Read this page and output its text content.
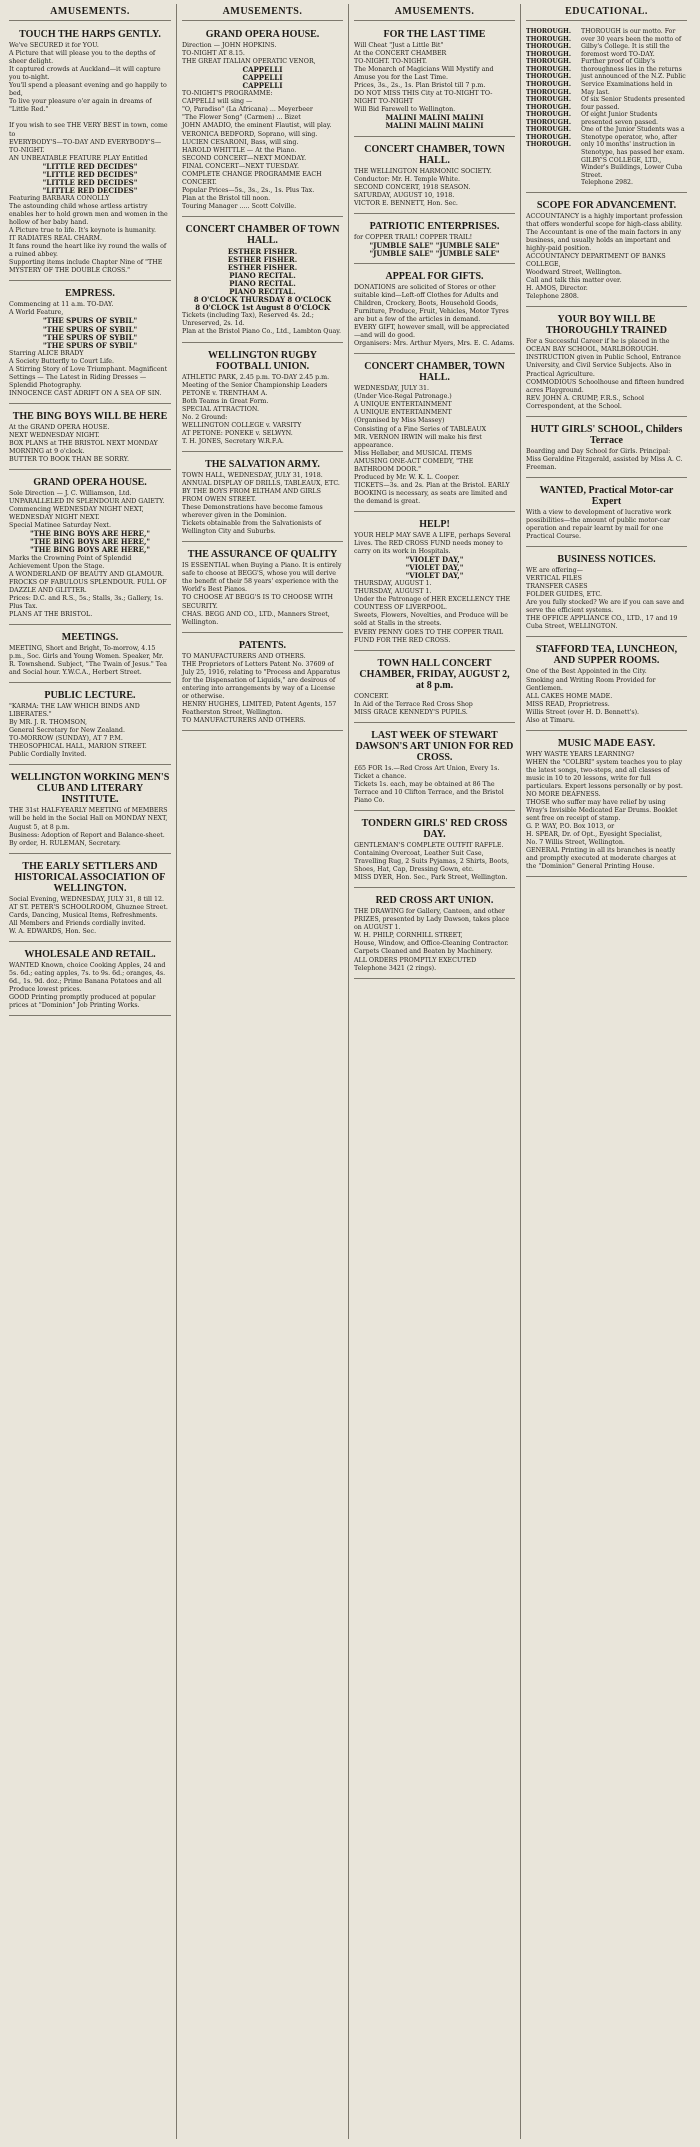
AMUSEMENTS.
TOUCH THE HARPS GENTLY.
We've SECURED it for YOU.
A Picture that will please you to the depths of sheer delight.
It captured crowds at Auckland—it will capture you to-night.
You'll spend a pleasant evening and go happily to bed,
To live your pleasure o'er again in dreams of "Little Red."

If you wish to see THE VERY BEST in town, come to
EVERYBODY'S—TO-DAY AND EVERYBODY'S—TO-NIGHT.
AN UNBEATABLE FEATURE PLAY Entitled
"LITTLE RED DECIDES"
"LITTLE RED DECIDES"
"LITTLE RED DECIDES"
"LITTLE RED DECIDES"
Featuring BARBARA CONOLLY
The astounding child whose artless artistry enables her to hold grown men and women in the hollow of her baby hand.
A Picture true to life. It's keynote is humanity.
IT RADIATES REAL CHARM.
It fans round the heart like ivy round the walls of a ruined abbey.
Supporting items include Chapter Nine of "THE MYSTERY OF THE DOUBLE CROSS."
EMPRESS.
Commencing at 11 a.m. TO-DAY.
A World Feature,
"THE SPURS OF SYBIL"
"THE SPURS OF SYBIL"
"THE SPURS OF SYBIL"
"THE SPURS OF SYBIL"
Starring ALICE BRADY
A Society Butterfly to Court Life.
A Stirring Story of Love Triumphant. Magnificent Settings — The Latest in Riding Dresses — Splendid Photography.
INNOCENCE CAST ADRIFT ON A SEA OF SIN.
THE BING BOYS WILL BE HERE
At the GRAND OPERA HOUSE.
NEXT WEDNESDAY NIGHT.
BOX PLANS at THE BRISTOL NEXT MONDAY MORNING at 9 o'clock.
BUTTER TO BOOK THAN BE SORRY.
GRAND OPERA HOUSE.
Sole Direction — J. C. Williamson, Ltd.
UNPARALLELED IN SPLENDOUR AND GAIETY.
Commencing WEDNESDAY NIGHT NEXT, WEDNESDAY NIGHT NEXT.
Special Matinee Saturday Next.
"THE BING BOYS ARE HERE,"
"THE BING BOYS ARE HERE,"
"THE BING BOYS ARE HERE,"
Marks the Crowning Point of Splendid Achievement Upon the Stage.
A WONDERLAND OF BEAUTY AND GLAMOUR.
FROCKS OF FABULOUS SPLENDOUR. FULL OF DAZZLE AND GLITTER.
Prices: D.C. and R.S., 5s.; Stalls, 3s.; Gallery, 1s. Plus Tax.
PLANS AT THE BRISTOL.
MEETINGS.
MEETING, Short and Bright, To-morrow, 4.15 p.m., Soc. Girls and Young Women. Speaker, Mr. R. Townshend. Subject, "The Twain of Jesus." Tea and Social hour. Y.W.C.A., Herbert Street.
PUBLIC LECTURE.
"KARMA: THE LAW WHICH BINDS AND LIBERATES."
By MR. J. R. THOMSON,
General Secretary for New Zealand.
TO-MORROW (SUNDAY), AT 7 P.M.
THEOSOPHICAL HALL, MARION STREET.
Public Cordially Invited.
WELLINGTON WORKING MEN'S CLUB AND LITERARY INSTITUTE.
THE 31st HALF-YEARLY MEETING of MEMBERS will be held in the Social Hall on MONDAY NEXT, August 5, at 8 p.m.
Business: Adoption of Report and Balance-sheet.
By order, H. RULEMAN, Secretary.
THE EARLY SETTLERS AND HISTORICAL ASSOCIATION OF WELLINGTON.
Social Evening, WEDNESDAY, JULY 31, 8 till 12.
AT ST. PETER'S SCHOOLROOM, Ghuznee Street.
Cards, Dancing, Musical Items, Refreshments.
All Members and Friends cordially invited.
W. A. EDWARDS, Hon. Sec.
WHOLESALE AND RETAIL.
WANTED Known, choice Cooking Apples, 24 and 5s. 6d.; eating apples, 7s. to 9s. 6d.; oranges, 4s. 6d., 1s. 9d. doz.; Prime Banana Potatoes and all Produce lowest prices.
GOOD Printing promptly produced at popular prices at "Dominion" Job Printing Works.
AMUSEMENTS.
GRAND OPERA HOUSE.
Direction — JOHN HOPKINS.
TO-NIGHT AT 8.15.
THE GREAT ITALIAN OPERATIC VENOR,
CAPPELLI
CAPPELLI
CAPPELLI
TO-NIGHT'S PROGRAMME:
CAPPELLI will sing —
"O, Paradiso" (La Africana) ... Meyerbeer
"The Flower Song" (Carmen) ... Bizet
JOHN AMADIO, the eminent Flautist, will play.
VERONICA BEDFORD, Soprano, will sing.
LUCIEN CESARONI, Bass, will sing.
HAROLD WHITTLE — At the Piano.
SECOND CONCERT—NEXT MONDAY.
FINAL CONCERT—NEXT TUESDAY.
COMPLETE CHANGE PROGRAMME EACH CONCERT.
Popular Prices—5s., 3s., 2s., 1s. Plus Tax.
Plan at the Bristol till noon.
Touring Manager ..... Scott Colville.
CONCERT CHAMBER OF TOWN HALL.
ESTHER FISHER.
ESTHER FISHER.
ESTHER FISHER.
PIANO RECITAL.
PIANO RECITAL.
PIANO RECITAL.
8 O'CLOCK THURSDAY 8 O'CLOCK
8 O'CLOCK 1st August 8 O'CLOCK
Tickets (including Tax), Reserved 4s. 2d.; Unreserved, 2s. 1d.
Plan at the Bristol Piano Co., Ltd., Lambton Quay.
WELLINGTON RUGBY FOOTBALL UNION.
ATHLETIC PARK, 2.45 p.m. TO-DAY 2.45 p.m.
Meeting of the Senior Championship Leaders
PETONE v. TRENTHAM A.
Both Teams in Great Form.
SPECIAL ATTRACTION.
No. 2 Ground:
WELLINGTON COLLEGE v. VARSITY
AT PETONE: PONEKE v. SELWYN.
T. H. JONES, Secretary W.R.F.A.
THE SALVATION ARMY.
TOWN HALL, WEDNESDAY, JULY 31, 1918.
ANNUAL DISPLAY OF DRILLS, TABLEAUX, ETC.
BY THE BOYS FROM ELTHAM AND GIRLS FROM OWEN STREET.
These Demonstrations have become famous wherever given in the Dominion.
Tickets obtainable from the Salvationists of Wellington City and Suburbs.
THE ASSURANCE OF QUALITY
IS ESSENTIAL when Buying a Piano. It is entirely safe to choose at BEGG'S, whose you will derive the benefit of their 58 years' experience with the World's Best Pianos.
TO CHOOSE AT BEGG'S IS TO CHOOSE WITH SECURITY.
CHAS. BEGG AND CO., LTD., Manners Street, Wellington.
PATENTS.
TO MANUFACTURERS AND OTHERS.
THE Proprietors of Letters Patent No. 37609 of July 25, 1916, relating to "Process and Apparatus for the Dispensation of Liquids," are desirous of entering into arrangements by way of a License or otherwise.
HENRY HUGHES, LIMITED, Patent Agents, 157 Featherston Street, Wellington.
TO MANUFACTURERS AND OTHERS.
AMUSEMENTS.
FOR THE LAST TIME
Will Cheat "Just a Little Bit"
At the CONCERT CHAMBER
TO-NIGHT. TO-NIGHT.
The Monarch of Magicians Will Mystify and Amuse you for the Last Time.
Prices, 3s., 2s., 1s. Plan Bristol till 7 p.m.
DO NOT MISS THIS City at TO-NIGHT TO-NIGHT TO-NIGHT
Will Bid Farewell to Wellington.
MALINI MALINI MALINI
MALINI MALINI MALINI
CONCERT CHAMBER, TOWN HALL.
THE WELLINGTON HARMONIC SOCIETY.
Conductor: Mr. H. Temple White.
SECOND CONCERT, 1918 SEASON.
SATURDAY, AUGUST 10, 1918.
VICTOR E. BENNETT, Hon. Sec.
PATRIOTIC ENTERPRISES.
for COPPER TRAIL! COPPER TRAIL!
"JUMBLE SALE" "JUMBLE SALE"
"JUMBLE SALE" "JUMBLE SALE"
APPEAL FOR GIFTS.
DONATIONS are solicited of Stores or other suitable kind—Left-off Clothes for Adults and Children, Crockery, Boots, Household Goods, Furniture, Produce, Fruit, Vehicles, Motor Tyres are but a few of the articles in demand.
EVERY GIFT, however small, will be appreciated—and will do good.
Organisers: Mrs. Arthur Myers, Mrs. E. C. Adams.
CONCERT CHAMBER, TOWN HALL.
WEDNESDAY, JULY 31.
(Under Vice-Regal Patronage.)
A UNIQUE ENTERTAINMENT
A UNIQUE ENTERTAINMENT
(Organised by Miss Massey)
Consisting of a Fine Series of TABLEAUX
MR. VERNON IRWIN will make his first appearance.
Miss Hellaber, and MUSICAL ITEMS
AMUSING ONE-ACT COMEDY, "THE BATHROOM DOOR."
Produced by Mr. W. K. L. Cooper.
TICKETS—3s. and 2s. Plan at the Bristol. EARLY BOOKING is necessary, as seats are limited and the demand is great.
HELP!
YOUR HELP MAY SAVE A LIFE, perhaps Several Lives. The RED CROSS FUND needs money to carry on its work in Hospitals.
"VIOLET DAY,"
"VIOLET DAY,"
"VIOLET DAY,"
THURSDAY, AUGUST 1.
THURSDAY, AUGUST 1.
Under the Patronage of HER EXCELLENCY THE COUNTESS OF LIVERPOOL.
Sweets, Flowers, Novelties, and Produce will be sold at Stalls in the streets.
EVERY PENNY GOES TO THE COPPER TRAIL FUND FOR THE RED CROSS.
TOWN HALL CONCERT CHAMBER, FRIDAY, AUGUST 2, at 8 p.m.
CONCERT.
In Aid of the Terrace Red Cross Shop
MISS GRACE KENNEDY'S PUPILS.
LAST WEEK OF STEWART DAWSON'S ART UNION FOR RED CROSS.
£65 FOR 1s.—Red Cross Art Union, Every 1s. Ticket a chance.
Tickets 1s. each, may be obtained at 86 The Terrace and 10 Clifton Terrace, and the Bristol Piano Co.
TONDERN GIRLS' RED CROSS DAY.
GENTLEMAN'S COMPLETE OUTFIT RAFFLE.
Containing Overcoat, Leather Suit Case, Travelling Rug, 2 Suits Pyjamas, 2 Shirts, Boots, Shoes, Hat, Cap, Dressing Gown, etc.
MISS DYER, Hon. Sec., Park Street, Wellington.
RED CROSS ART UNION.
THE DRAWING for Gallery, Canteen, and other PRIZES, presented by Lady Dawson, takes place on AUGUST 1.
W. H. PHILP, CORNHILL STREET,
House, Window, and Office-Cleaning Contractor.
Carpets Cleaned and Beaten by Machinery.
ALL ORDERS PROMPTLY EXECUTED
Telephone 3421 (2 rings).
EDUCATIONAL.
THOROUGH.
THOROUGH.
THOROUGH.
THOROUGH.
THOROUGH.
THOROUGH.
THOROUGH.
THOROUGH.
THOROUGH.
THOROUGH.
THOROUGH.
THOROUGH.
THOROUGH.
THOROUGH.
THOROUGH.
THOROUGH.
THOROUGH is our motto. For over 30 years been the motto of Gilby's College. It is still the foremost word TO-DAY.
Further proof of Gilby's thoroughness lies in the returns just announced of the N.Z. Public Service Examinations held in May last.
Of six Senior Students presented four passed.
Of eight Junior Students presented seven passed.
One of the Junior Students was a Stenotype operator, who, after only 10 months' instruction in Stenotype, has passed her exam.
GILBY'S COLLEGE, LTD., Winder's Buildings, Lower Cuba Street.
Telephone 2982.
SCOPE FOR ADVANCEMENT.
ACCOUNTANCY is a highly important profession that offers wonderful scope for high-class ability.
The Accountant is one of the main factors in any business, and usually holds an important and highly-paid position.
ACCOUNTANCY DEPARTMENT OF BANKS COLLEGE,
Woodward Street, Wellington.
Call and talk this matter over.
H. AMOS, Director.
Telephone 2808.
YOUR BOY WILL BE THOROUGHLY TRAINED
For a Successful Career if he is placed in the
OCEAN BAY SCHOOL, MARLBOROUGH.
INSTRUCTION given in Public School, Entrance University, and Civil Service Subjects. Also in Practical Agriculture.
COMMODIOUS Schoolhouse and fifteen hundred acres Playground.
REV. JOHN A. CRUMP, F.R.S., School Correspondent, at the School.
HUTT GIRLS' SCHOOL, Childers Terrace
Boarding and Day School for Girls. Principal: Miss Geraldine Fitzgerald, assisted by Miss A. C. Freeman.
WANTED, Practical Motor-car Expert
With a view to development of lucrative work possibilities—the amount of public motor-car operation and repair learnt by mail for one Practical Course.
BUSINESS NOTICES.
WE are offering—
VERTICAL FILES
TRANSFER CASES
FOLDER GUIDES, ETC.
Are you fully stocked? We are if you can save and serve the efficient systems.
THE OFFICE APPLIANCE CO., LTD., 17 and 19 Cuba Street, WELLINGTON.
STAFFORD TEA, LUNCHEON, AND SUPPER ROOMS.
One of the Best Appointed in the City.
Smoking and Writing Room Provided for Gentlemen.
ALL CAKES HOME MADE.
MISS READ, Proprietress.
Willis Street (over H. D. Bennett's).
Also at Timaru.
MUSIC MADE EASY.
WHY WASTE YEARS LEARNING?
WHEN the "COLBRI" system teaches you to play the latest songs, two-steps, and all classes of music in 10 to 20 lessons, write for full particulars. Expert lessons personally or by post.
NO MORE DEAFNESS.
THOSE who suffer may have relief by using Wray's Invisible Medicated Ear Drums. Booklet sent free on receipt of stamp.
G. P. WAY, P.O. Box 1013, or
H. SPEAR, Dr. of Opt., Eyesight Specialist,
No. 7 Willis Street, Wellington.
GENERAL Printing in all its branches is neatly and promptly executed at moderate charges at the "Dominion" General Printing House.
